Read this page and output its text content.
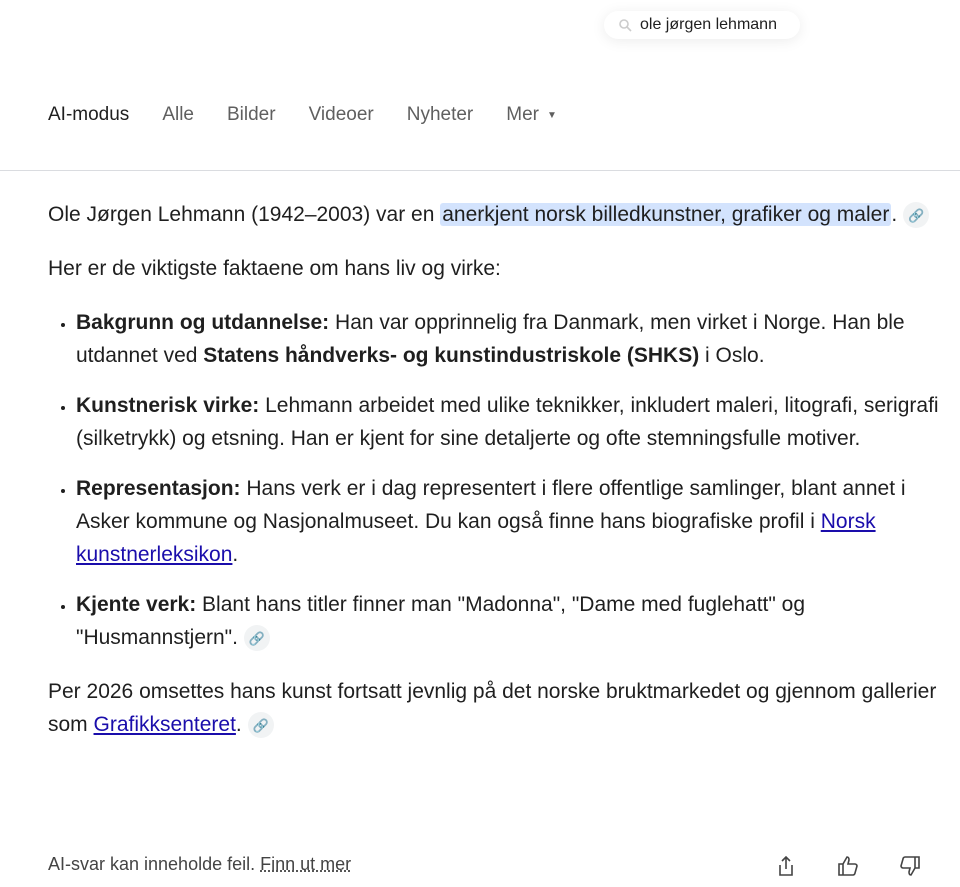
ole jørgen lehmann
AI-modus Alle Bilder Videoer Nyheter Mer ▼

Ole Jørgen Lehmann (1942–2003) var en anerkjent norsk billedkunstner, grafiker og maler. 🔗

Her er de viktigste faktaene om hans liv og virke:

• Bakgrunn og utdannelse: Han var opprinnelig fra Danmark, men virket i Norge. Han ble utdannet ved Statens håndverks- og kunstindustriskole (SHKS) i Oslo.
• Kunstnerisk virke: Lehmann arbeidet med ulike teknikker, inkludert maleri, litografi, serigrafi (silketrykk) og etsning. Han er kjent for sine detaljerte og ofte stemningsfulle motiver.
• Representasjon: Hans verk er i dag representert i flere offentlige samlinger, blant annet i Asker kommune og Nasjonalmuseet. Du kan også finne hans biografiske profil i Norsk kunstnerleksikon.
• Kjente verk: Blant hans titler finner man "Madonna", "Dame med fuglehatt" og "Husmannstjern". 🔗

Per 2026 omsettes hans kunst fortsatt jevnlig på det norske bruktmarkedet og gjennom gallerier som Grafikksenteret. 🔗

AI-svar kan inneholde feil. Finn ut mer
